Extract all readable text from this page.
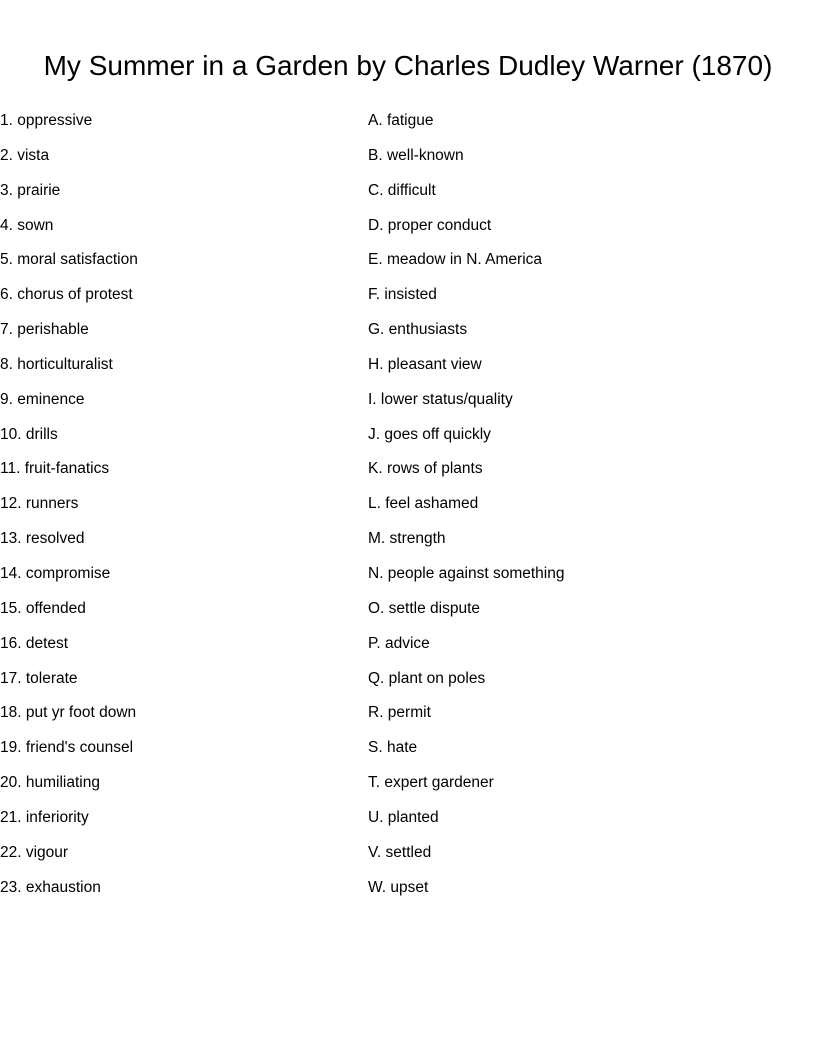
My Summer in a Garden by Charles Dudley Warner (1870)
1. oppressive
2. vista
3. prairie
4. sown
5. moral satisfaction
6. chorus of protest
7. perishable
8. horticulturalist
9. eminence
10. drills
11. fruit-fanatics
12. runners
13. resolved
14. compromise
15. offended
16. detest
17. tolerate
18. put yr foot down
19. friend's counsel
20. humiliating
21. inferiority
22. vigour
23. exhaustion
A. fatigue
B. well-known
C. difficult
D. proper conduct
E. meadow in N. America
F. insisted
G. enthusiasts
H. pleasant view
I. lower status/quality
J. goes off quickly
K. rows of plants
L. feel ashamed
M. strength
N. people against something
O. settle dispute
P. advice
Q. plant on poles
R. permit
S. hate
T. expert gardener
U. planted
V. settled
W. upset
